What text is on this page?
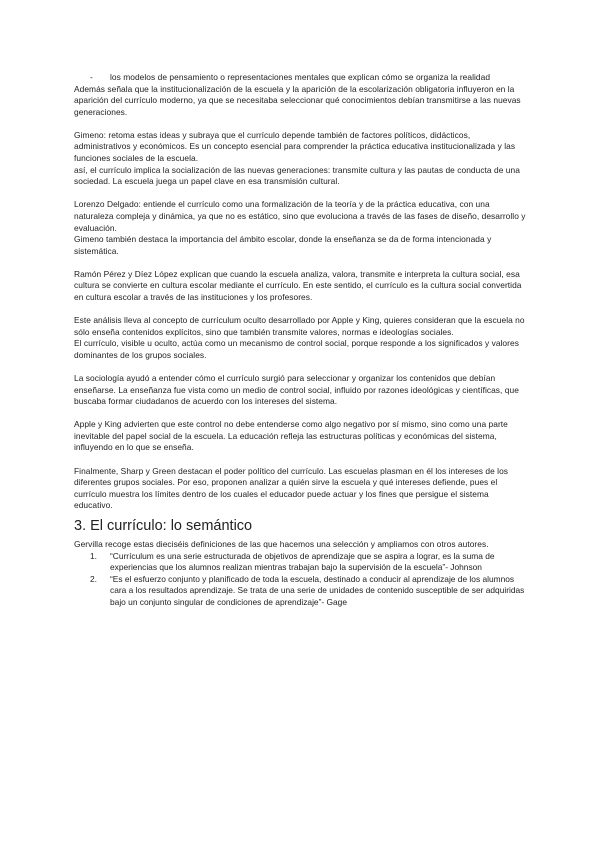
- los modelos de pensamiento o representaciones mentales que explican cómo se organiza la realidad

Además señala que la institucionalización de la escuela y la aparición de la escolarización obligatoria influyeron en la aparición del currículo moderno, ya que se necesitaba seleccionar qué conocimientos debían transmitirse a las nuevas generaciones.

Gimeno: retoma estas ideas y subraya que el currículo depende también de factores políticos, didácticos, administrativos y económicos. Es un concepto esencial para comprender la práctica educativa institucionalizada y las funciones sociales de la escuela.

así, el currículo implica la socialización de las nuevas generaciones: transmite cultura y las pautas de conducta de una sociedad. La escuela juega un papel clave en esa transmisión cultural.

Lorenzo Delgado: entiende el currículo como una formalización de la teoría y de la práctica educativa, con una naturaleza compleja y dinámica, ya que no es estático, sino que evoluciona a través de las fases de diseño, desarrollo y evaluación.

Gimeno también destaca la importancia del ámbito escolar, donde la enseñanza se da de forma intencionada y sistemática.

Ramón Pérez y Díez López explican que cuando la escuela analiza, valora, transmite e interpreta la cultura social, esa cultura se convierte en cultura escolar mediante el currículo. En este sentido, el currículo es la cultura social convertida en cultura escolar a través de las instituciones y los profesores.

Este análisis lleva al concepto de currículum oculto desarrollado por Apple y King, quieres consideran que la escuela no sólo enseña contenidos explícitos, sino que también transmite valores, normas e ideologías sociales.

El currículo, visible u oculto, actúa como un mecanismo de control social, porque responde a los significados y valores dominantes de los grupos sociales.

La sociología ayudó a entender cómo el currículo surgió para seleccionar y organizar los contenidos que debían enseñarse. La enseñanza fue vista como un medio de control social, influido por razones ideológicas y científicas, que buscaba formar ciudadanos de acuerdo con los intereses del sistema.

Apple y King advierten que este control no debe entenderse como algo negativo por sí mismo, sino como una parte inevitable del papel social de la escuela. La educación refleja las estructuras políticas y económicas del sistema, influyendo en lo que se enseña.

Finalmente, Sharp y Green destacan el poder político del currículo. Las escuelas plasman en él los intereses de los diferentes grupos sociales. Por eso, proponen analizar a quién sirve la escuela y qué intereses defiende, pues el currículo muestra los límites dentro de los cuales el educador puede actuar y los fines que persigue el sistema educativo.

3. El currículo: lo semántico

Gervilla recoge estas dieciséis definiciones de las que hacemos una selección y ampliamos con otros autores.

1. “Currículum es una serie estructurada de objetivos de aprendizaje que se aspira a lograr, es la suma de experiencias que los alumnos realizan mientras trabajan bajo la supervisión de la escuela”- Johnson
2. “Es el esfuerzo conjunto y planificado de toda la escuela, destinado a conducir al aprendizaje de los alumnos cara a los resultados aprendizaje. Se trata de una serie de unidades de contenido susceptible de ser adquiridas bajo un conjunto singular de condiciones de aprendizaje”- Gage
